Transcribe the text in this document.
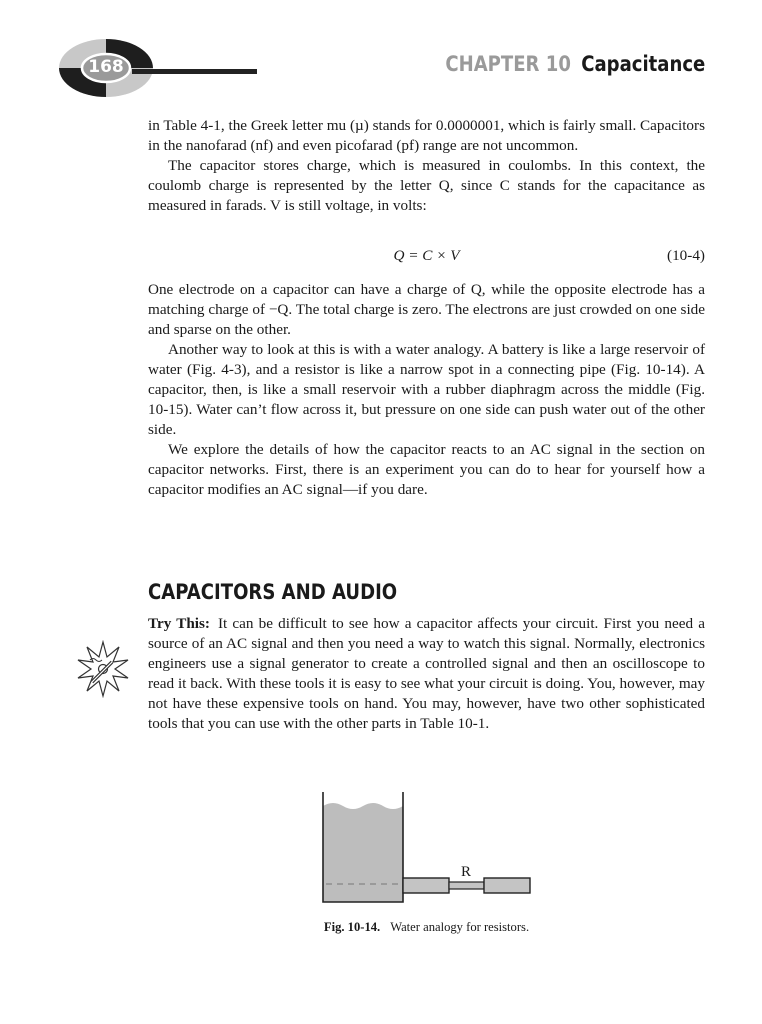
168	CHAPTER 10 Capacitance

in Table 4-1, the Greek letter mu (µ) stands for 0.0000001, which is fairly small. Capacitors in the nanofarad (nf) and even picofarad (pf) range are not uncommon.

The capacitor stores charge, which is measured in coulombs. In this context, the coulomb charge is represented by the letter Q, since C stands for the capacitance as measured in farads. V is still voltage, in volts:

Q = C × V	(10-4)

One electrode on a capacitor can have a charge of Q, while the opposite electrode has a matching charge of −Q. The total charge is zero. The electrons are just crowded on one side and sparse on the other.

Another way to look at this is with a water analogy. A battery is like a large reservoir of water (Fig. 4-3), and a resistor is like a narrow spot in a connecting pipe (Fig. 10-14). A capacitor, then, is like a small reservoir with a rubber diaphragm across the middle (Fig. 10-15). Water can’t flow across it, but pressure on one side can push water out of the other side.

We explore the details of how the capacitor reacts to an AC signal in the section on capacitor networks. First, there is an experiment you can do to hear for yourself how a capacitor modifies an AC signal—if you dare.

CAPACITORS AND AUDIO

Try This: It can be difficult to see how a capacitor affects your circuit. First you need a source of an AC signal and then you need a way to watch this signal. Normally, electronics engineers use a signal generator to create a controlled signal and then an oscilloscope to read it back. With these tools it is easy to see what your circuit is doing. You, however, may not have these expensive tools on hand. You may, however, have two other sophisticated tools that you can use with the other parts in Table 10-1.

R
Fig. 10-14. Water analogy for resistors.
